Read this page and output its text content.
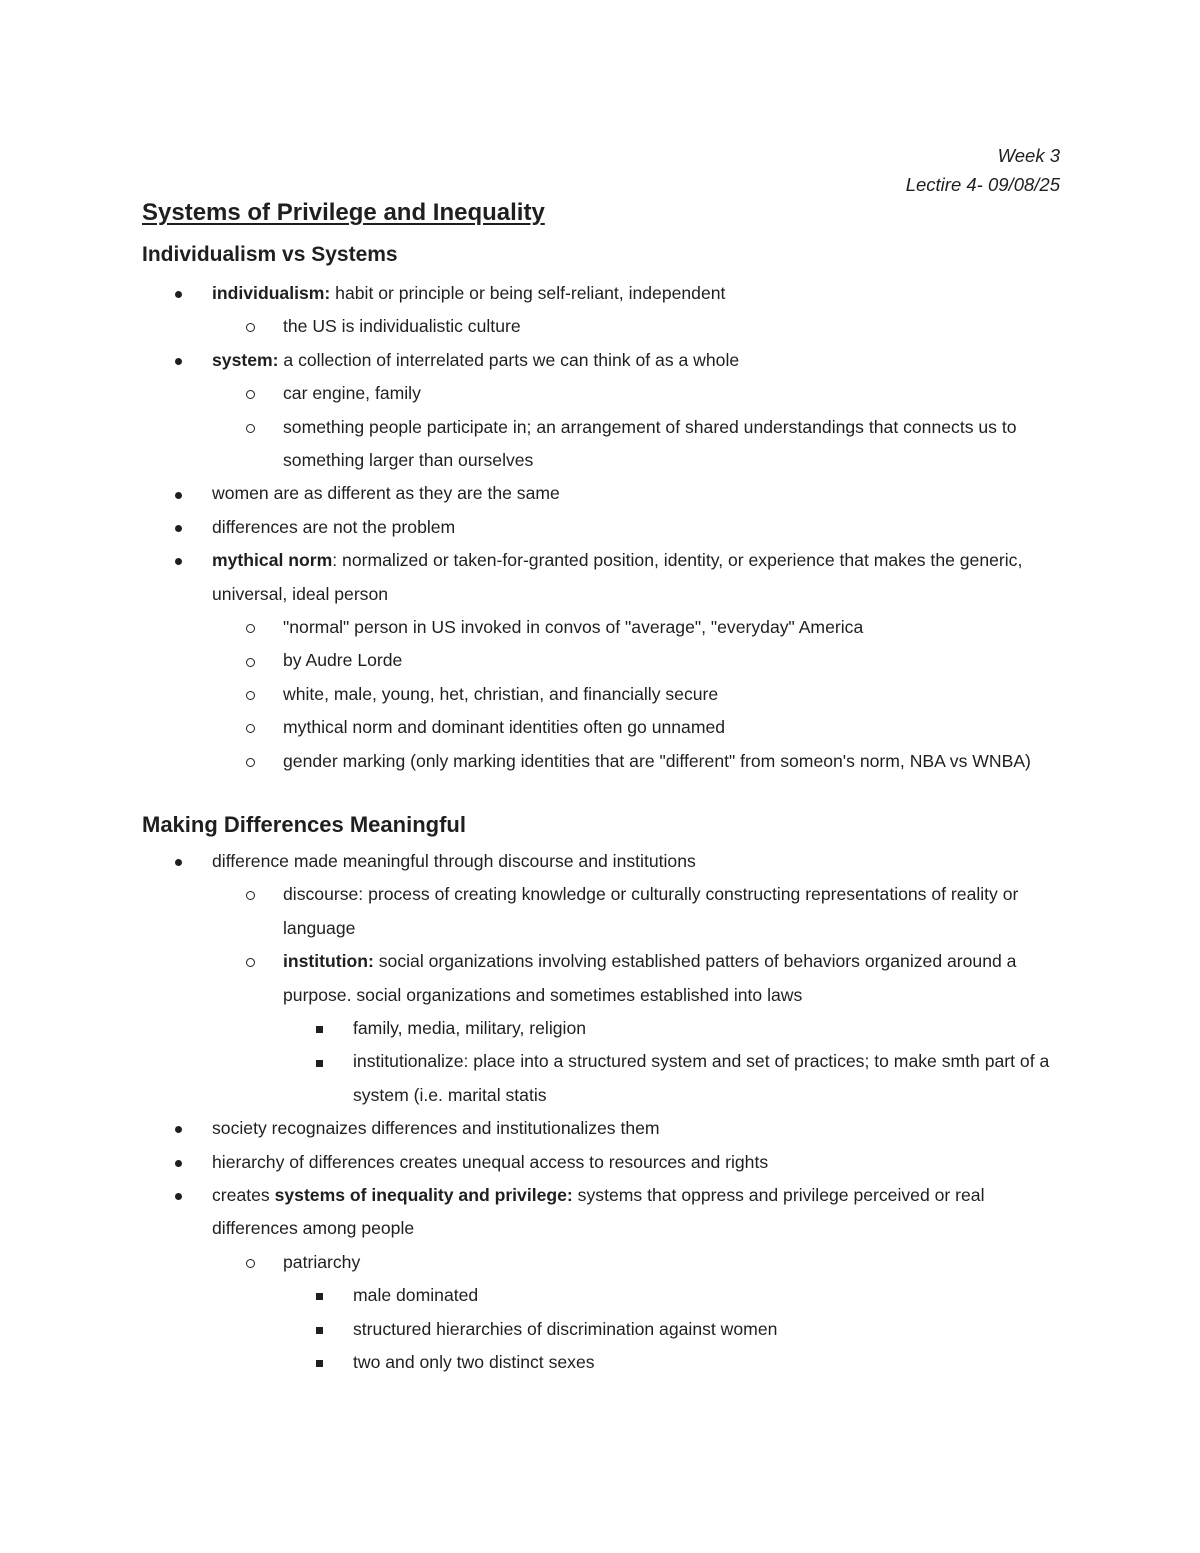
Week 3
Lectire 4- 09/08/25
Systems of Privilege and Inequality
Individualism vs Systems
individualism: habit or principle or being self-reliant, independent
the US is individualistic culture
system: a collection of interrelated parts we can think of as a whole
car engine, family
something people participate in; an arrangement of shared understandings that connects us to something larger than ourselves
women are as different as they are the same
differences are not the problem
mythical norm: normalized or taken-for-granted position, identity, or experience that makes the generic, universal, ideal person
"normal" person in US invoked in convos of "average", "everyday" America
by Audre Lorde
white, male, young, het, christian, and financially secure
mythical norm and dominant identities often go unnamed
gender marking (only marking identities that are "different" from someon's norm, NBA vs WNBA)
Making Differences Meaningful
difference made meaningful through discourse and institutions
discourse: process of creating knowledge or culturally constructing representations of reality or language
institution: social organizations involving established patters of behaviors organized around a purpose. social organizations and sometimes established into laws
family, media, military, religion
institutionalize: place into a structured system and set of practices; to make smth part of a system (i.e. marital statis
society recognaizes differences and institutionalizes them
hierarchy of differences creates unequal access to resources and rights
creates systems of inequality and privilege: systems that oppress and privilege perceived or real differences among people
patriarchy
male dominated
structured hierarchies of discrimination against women
two and only two distinct sexes
